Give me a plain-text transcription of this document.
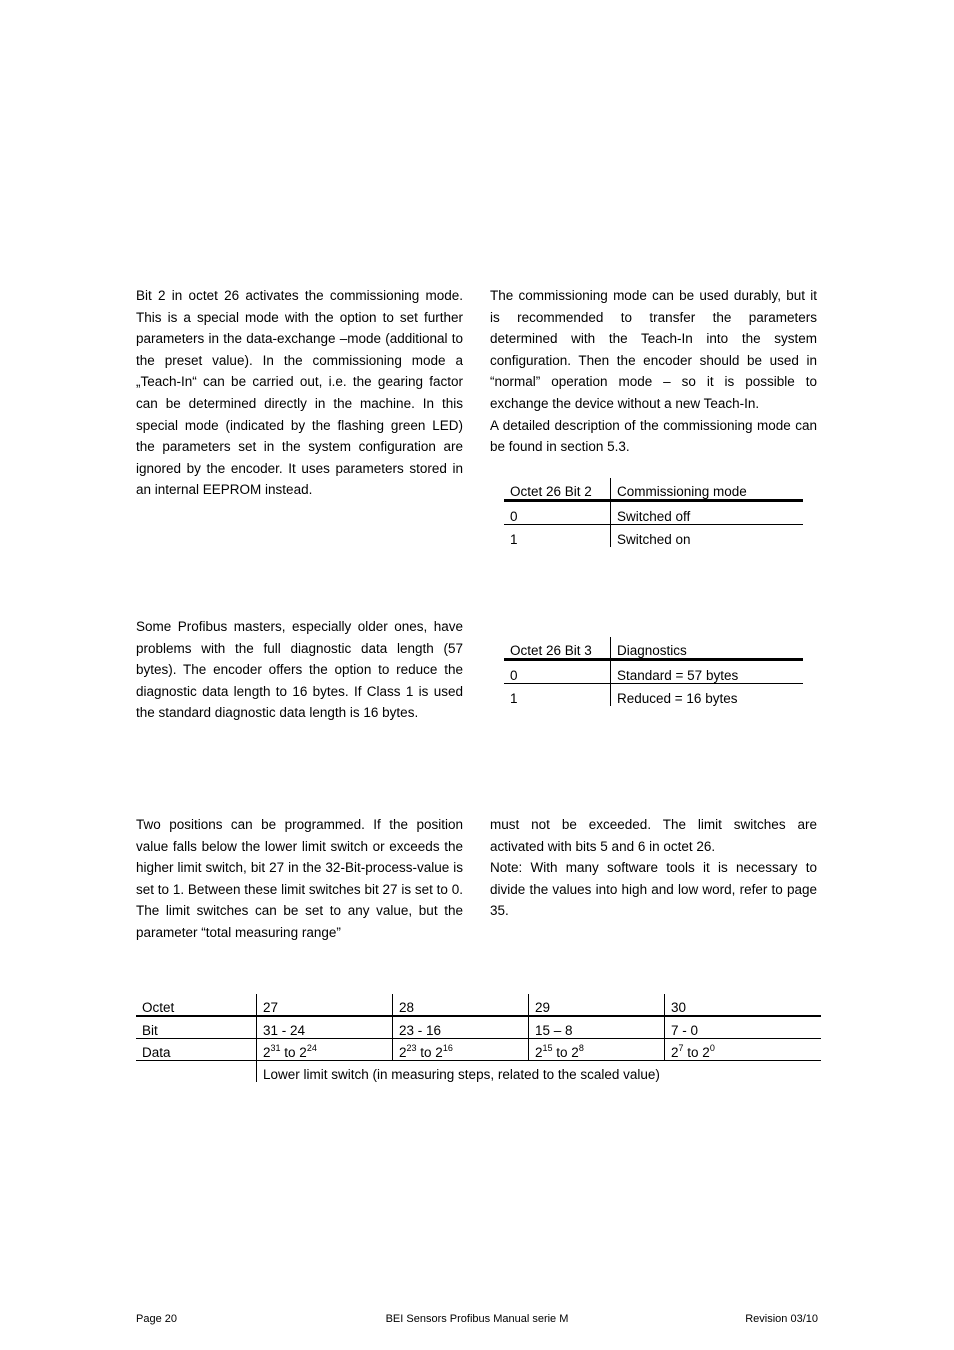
Bit 2 in octet 26 activates the commissioning mode. This is a special mode with the option to set further parameters in the data-exchange –mode (additional to the preset value). In the commissioning mode a „Teach-In“ can be carried out, i.e. the gearing factor can be determined directly in the machine. In this special mode (indicated by the flashing green LED) the parameters set in the system configuration are ignored by the encoder. It uses parameters stored in an internal EEPROM instead.

The commissioning mode can be used durably, but it is recommended to transfer the parameters determined with the Teach-In into the system configuration. Then the encoder should be used in “normal” operation mode – so it is possible to exchange the device without a new Teach-In.

A detailed description of the commissioning mode can be found in section 5.3.

Octet 26 Bit 2	Commissioning mode
0	Switched off
1	Switched on

Some Profibus masters, especially older ones, have problems with the full diagnostic data length (57 bytes). The encoder offers the option to reduce the diagnostic data length to 16 bytes. If Class 1 is used the standard diagnostic data length is 16 bytes.

Octet 26 Bit 3	Diagnostics
0	Standard = 57 bytes
1	Reduced = 16 bytes

Two positions can be programmed. If the position value falls below the lower limit switch or exceeds the higher limit switch, bit 27 in the 32-Bit-process-value is set to 1. Between these limit switches bit 27 is set to 0. The limit switches can be set to any value, but the parameter “total measuring range”

must not be exceeded. The limit switches are activated with bits 5 and 6 in octet 26.

Note: With many software tools it is necessary to divide the values into high and low word, refer to page 35.

Octet	27	28	29	30
Bit	31 - 24	23 - 16	15 – 8	7 - 0
Data	$2^{31}$ to $2^{24}$	$2^{23}$ to $2^{16}$	$2^{15}$ to $2^8$	$2^7$ to $2^0$
	Lower limit switch (in measuring steps, related to the scaled value)			
Page 20	BEI Sensors Profibus Manual serie M	Revision 03/10
